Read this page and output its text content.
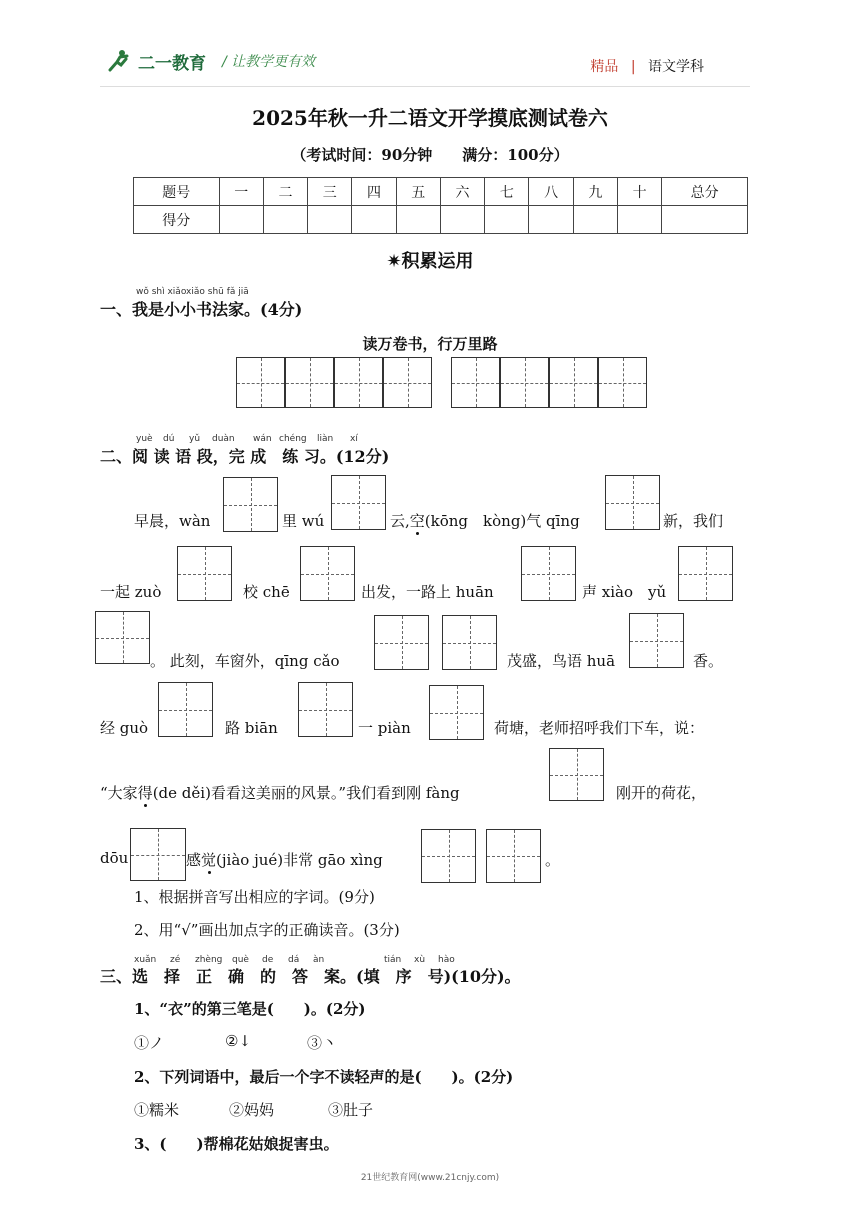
二一教育 / 让教学更有效	精品 | 语文学科
2025年秋一升二语文开学摸底测试卷六
（考试时间：90分钟　　满分：100分）
题号	一	二	三	四	五	六	七	八	九	十	总分
得分											
✷积累运用
wǒ shì xiǎoxiǎo shū fǎ jiā
一、我是小小书法家。(4分)
读万卷书，行万里路
yuè dú yǔ duàn wán chéng liàn xí
二、阅 读 语 段，完 成　练 习。(12分)
早晨，wàn	里 wú	云,空(kōng　kòng)气 qīng	新，我们
一起 zuò	校 chē	出发，一路上 huān	声 xiào　yǔ
。 此刻，车窗外，qīng cǎo	茂盛，鸟语 huā	香。
经 guò	路 biān	一 piàn	荷塘，老师招呼我们下车，说：
“大家得(de děi)看看这美丽的风景。”我们看到刚 fàng	刚开的荷花，
dōu	感觉(jiào jué)非常 gāo xìng	。
1、根据拼音写出相应的字词。(9分)
2、用“√”画出加点字的正确读音。(3分)
xuǎn zé zhèng què de dá àn	tián xù hào
三、选　择　正　确　的　答　案。(填　序　号)(10分)。
1、“衣”的第三笔是(　　)。(2分)
①ノ	②↓	③丶
2、下列词语中，最后一个字不读轻声的是(　　)。(2分)
①糯米	②妈妈	③肚子
3、(　　)帮棉花姑娘捉害虫。
21世纪教育网(www.21cnjy.com)
